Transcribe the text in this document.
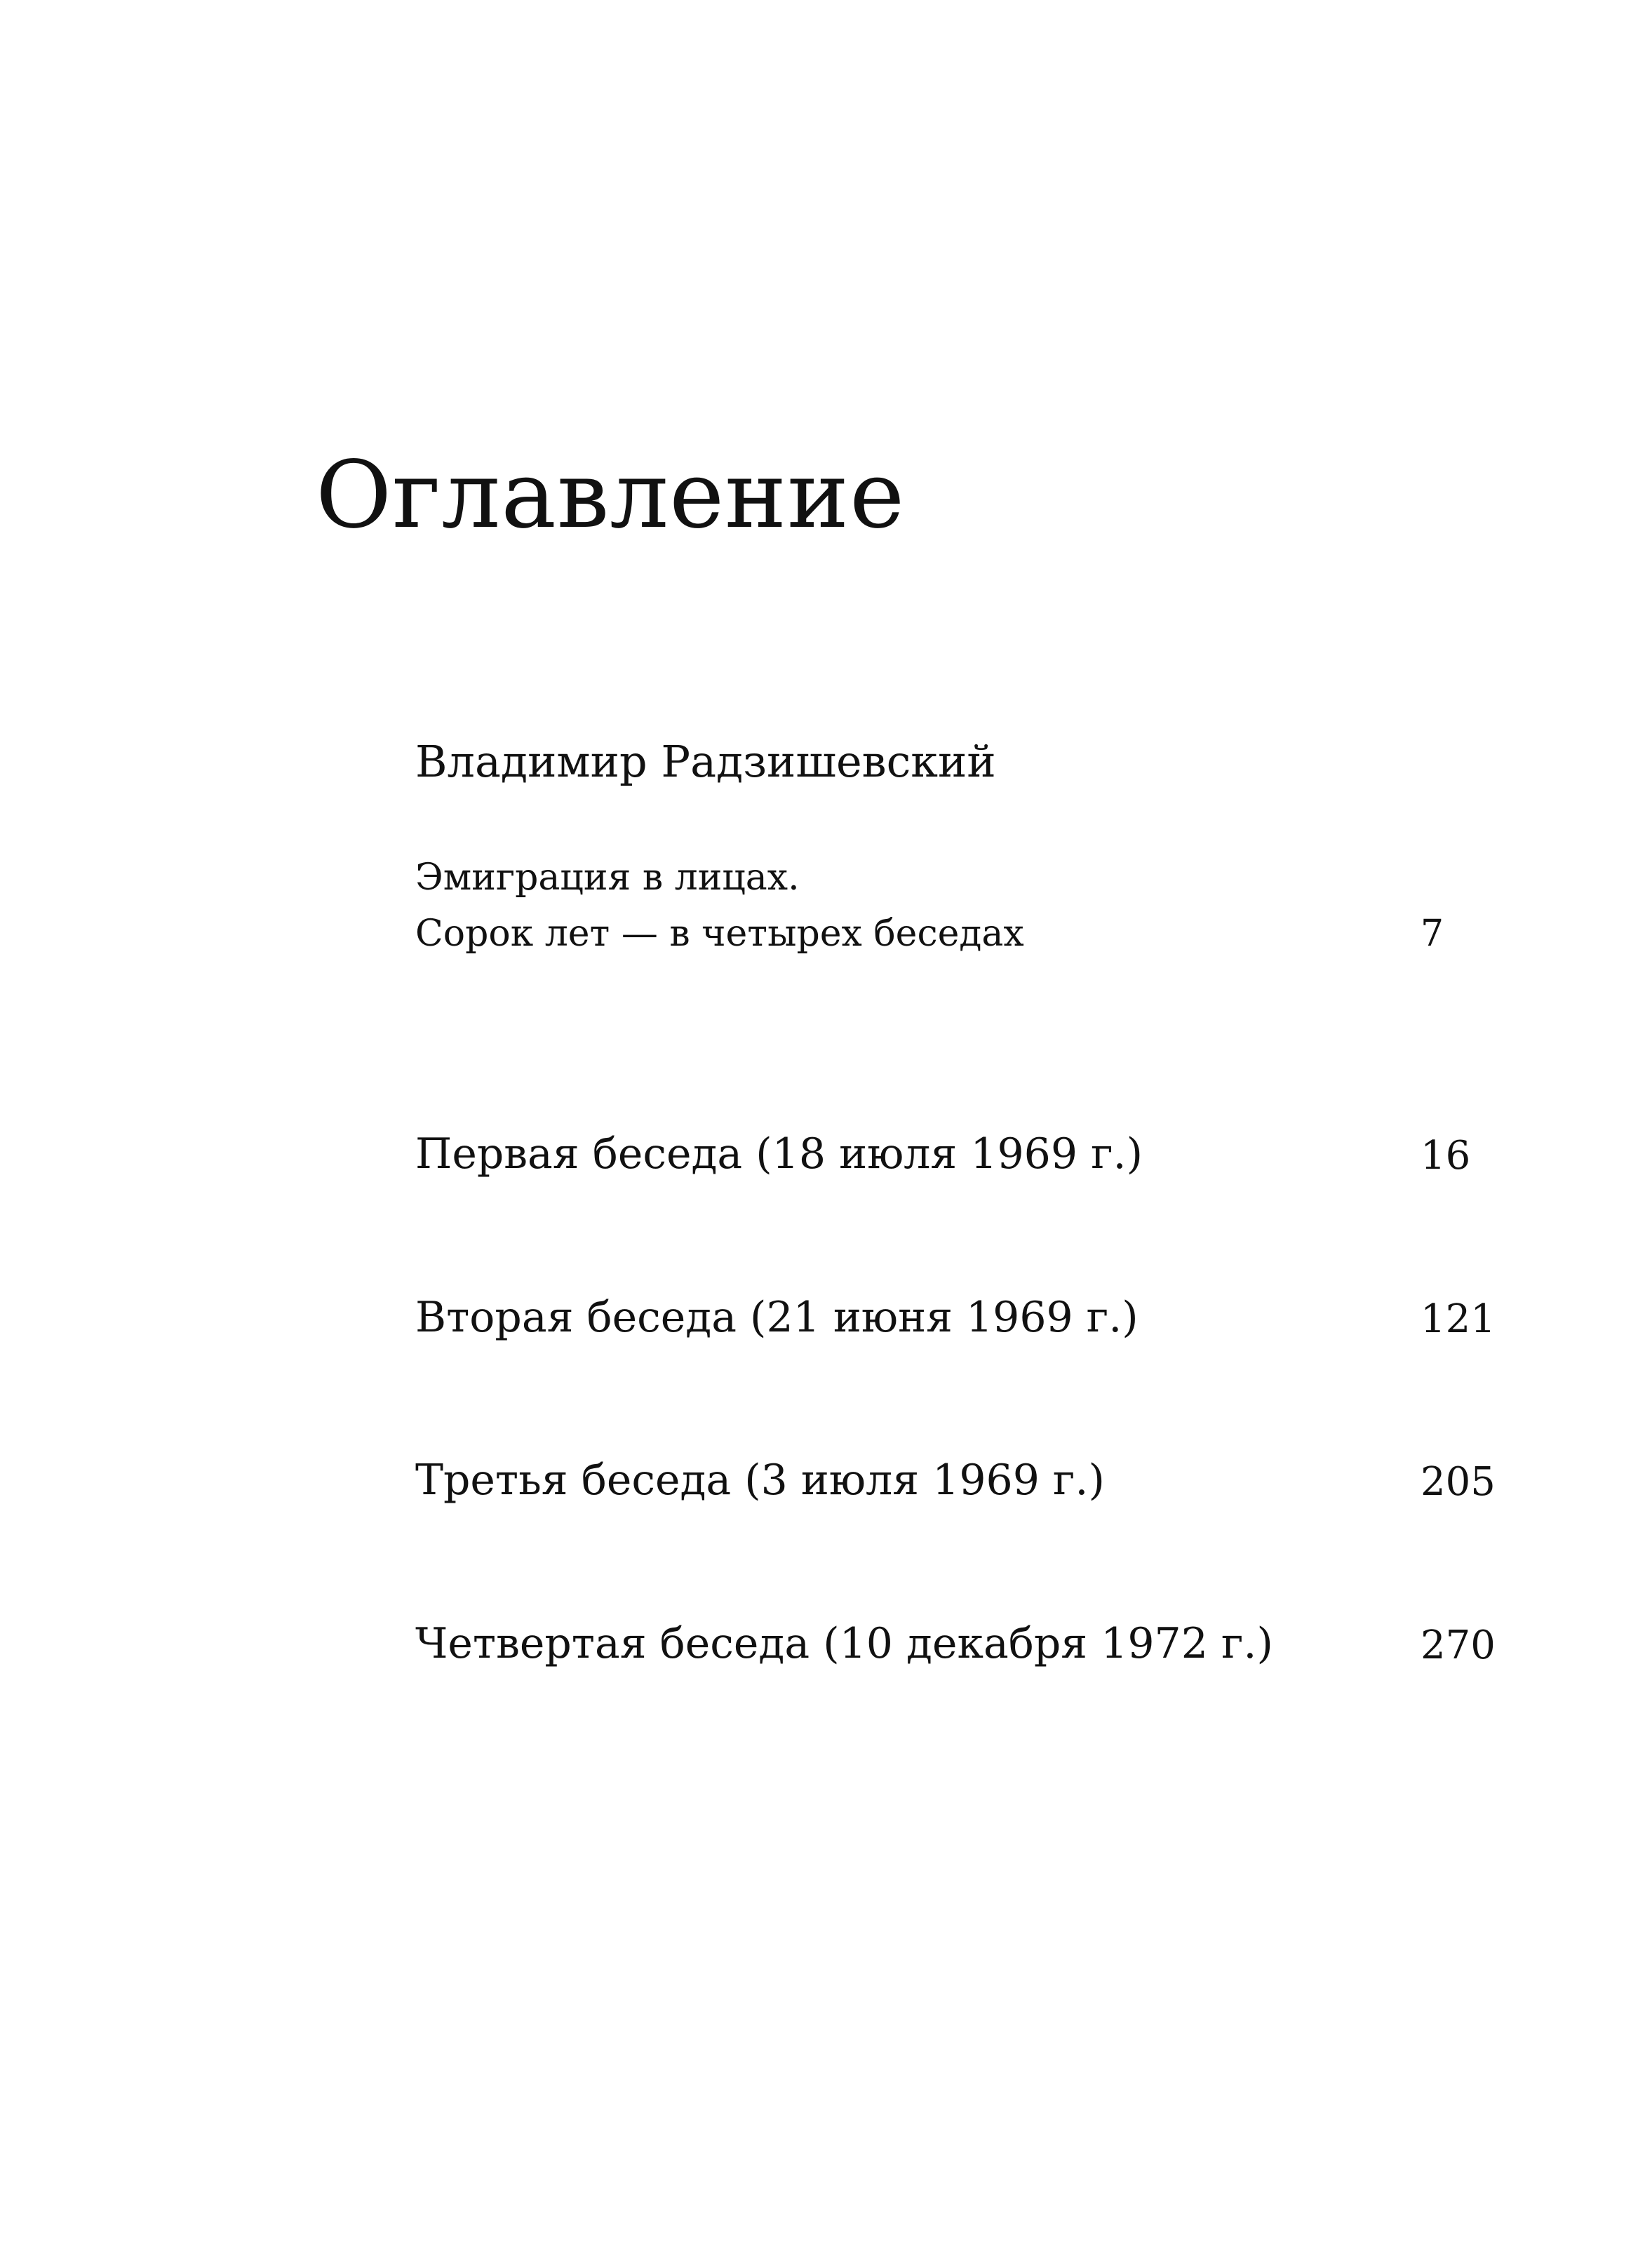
Оглавление
Владимир Радзишевский
Эмиграция в лицах.
Сорок лет — в четырех беседах	7
Первая беседа (18 июля 1969 г.)	16
Вторая беседа (21 июня 1969 г.)	121
Третья беседа (3 июля 1969 г.)	205
Четвертая беседа (10 декабря 1972 г.)	270
